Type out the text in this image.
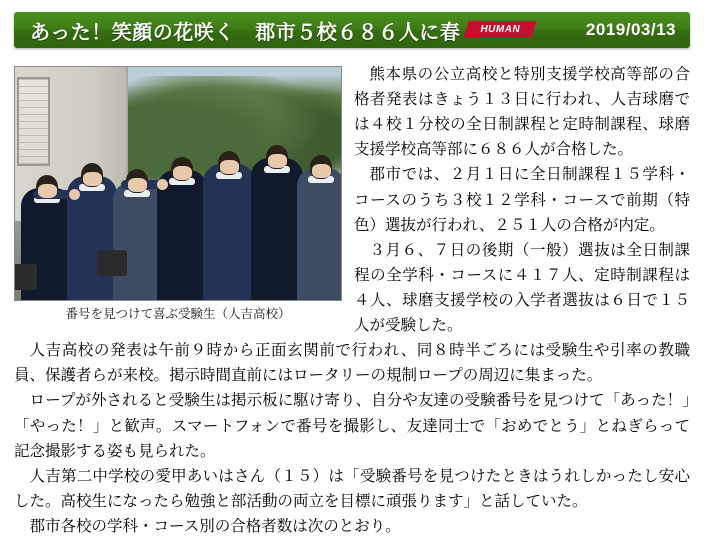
あった！笑顔の花咲く　郡市５校６８６人に春	HUMAN	2019/03/13
番号を見つけて喜ぶ受験生（人吉高校）

熊本県の公立高校と特別支援学校高等部の合格者発表はきょう１３日に行われ、人吉球磨では４校１分校の全日制課程と定時制課程、球磨支援学校高等部に６８６人が合格した。

郡市では、２月１日に全日制課程１５学科・コースのうち３校１２学科・コースで前期（特色）選抜が行われ、２５１人の合格が内定。

３月６、７日の後期（一般）選抜は全日制課程の全学科・コースに４１７人、定時制課程は４人、球磨支援学校の入学者選抜は６日で１５人が受験した。

人吉高校の発表は午前９時から正面玄関前で行われ、同８時半ごろには受験生や引率の教職員、保護者らが来校。掲示時間直前にはロータリーの規制ロープの周辺に集まった。

ロープが外されると受験生は掲示板に駆け寄り、自分や友達の受験番号を見つけて「あった！」「やった！」と歓声。スマートフォンで番号を撮影し、友達同士で「おめでとう」とねぎらって記念撮影する姿も見られた。

人吉第二中学校の愛甲あいはさん（１５）は「受験番号を見つけたときはうれしかったし安心した。高校生になったら勉強と部活動の両立を目標に頑張ります」と話していた。

郡市各校の学科・コース別の合格者数は次のとおり。
